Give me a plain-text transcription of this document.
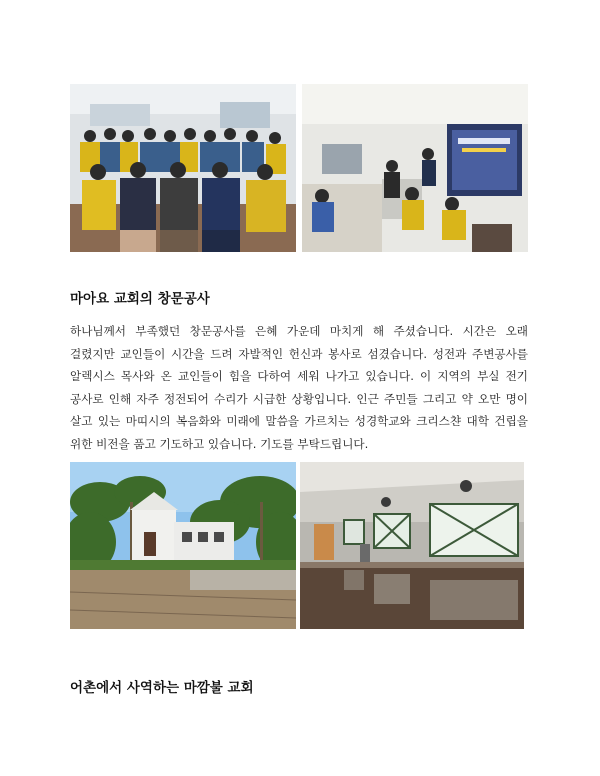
마아요 교회의 창문공사
하나님께서 부족했던 창문공사를 은혜 가운데 마치게 해 주셨습니다. 시간은 오래
걸렸지만 교인들이 시간을 드려 자발적인 헌신과 봉사로 섬겼습니다. 성전과 주변공사를
알렉시스 목사와 온 교인들이 힘을 다하여 세워 나가고 있습니다. 이 지역의 부실 전기
공사로 인해 자주 정전되어 수리가 시급한 상황입니다. 인근 주민들 그리고 약 오만 명이
살고 있는 마띠시의 복음화와 미래에 말씀을 가르치는 성경학교와 크리스챤 대학 건립을
위한 비전을 품고 기도하고 있습니다. 기도를 부탁드립니다.
어촌에서 사역하는 마깜불 교회
